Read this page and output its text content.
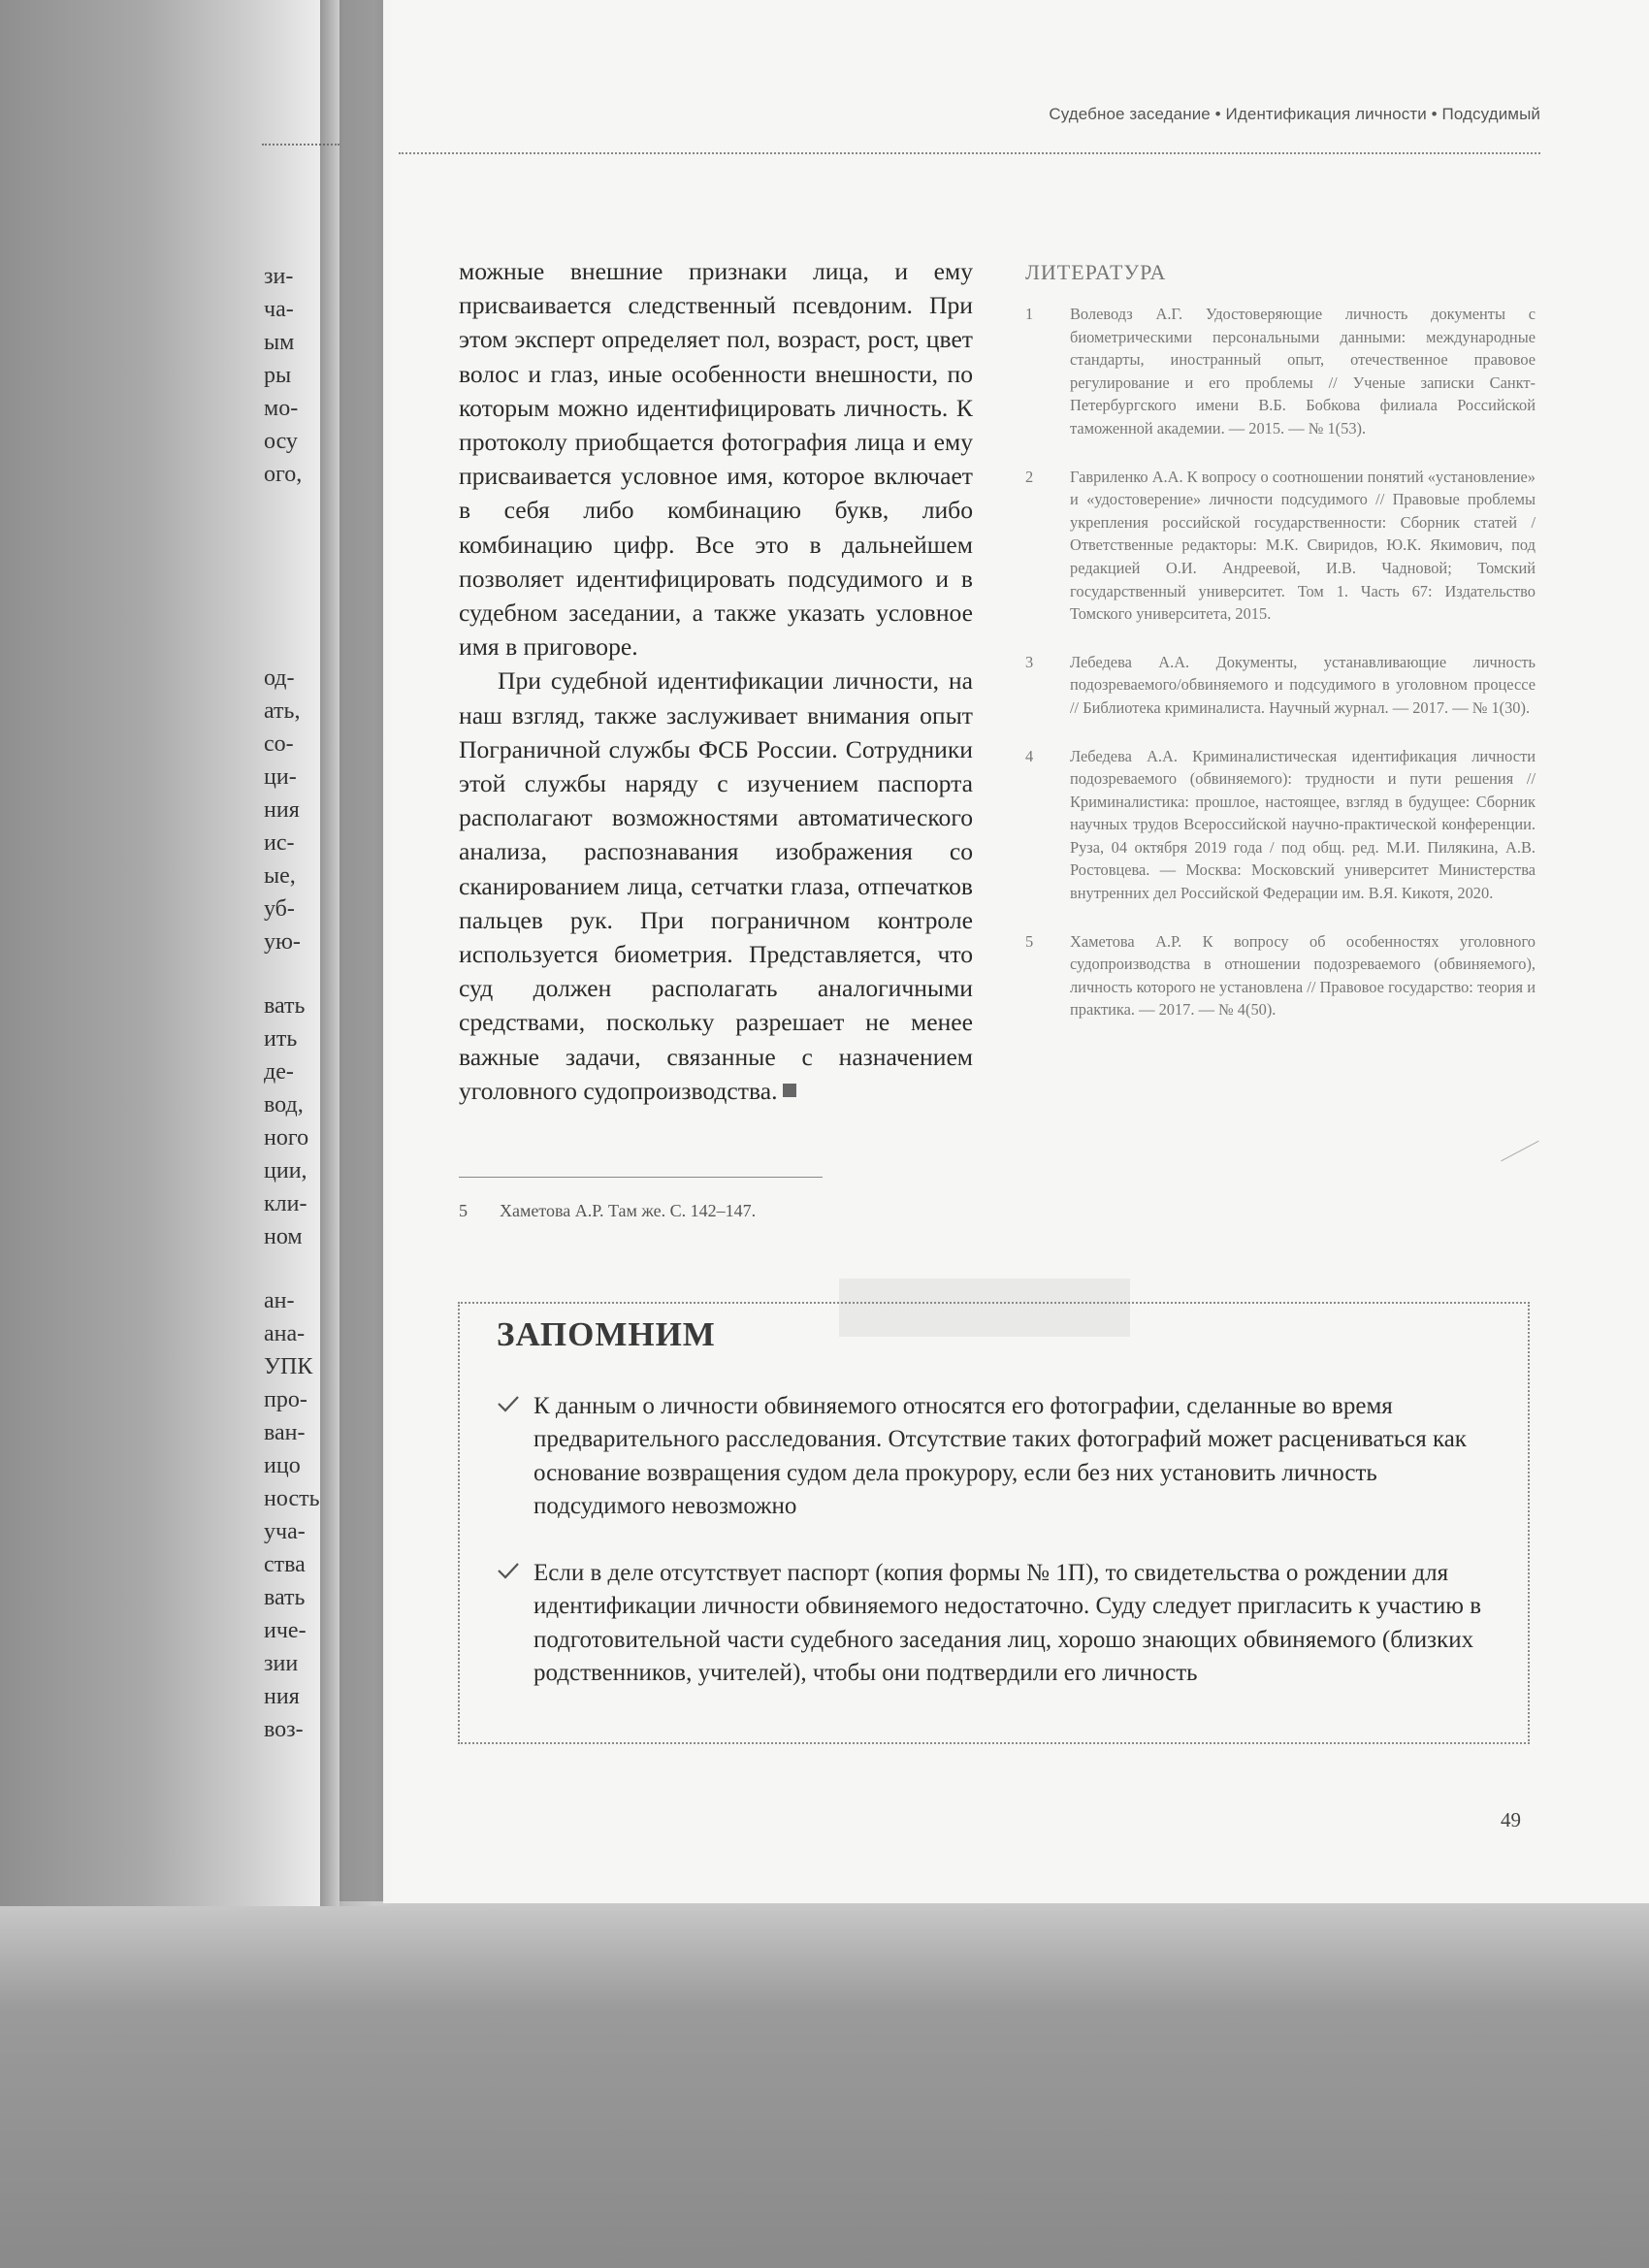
зи-
ча-
ым
ры
мо-
осу
ого,
од-
ать,
со-
ци-
ния
ис-
ые,
уб-
ую-
вать
ить
де-
вод,
ного
ции,
кли-
ном
ан-
ана-
УПК
про-
ван-
ицо
ность
уча-
ства
вать
иче-
зии
ния
воз-
Судебное заседание • Идентификация личности • Подсудимый

можные внешние признаки лица, и ему присваивается следственный псевдоним. При этом эксперт определяет пол, возраст, рост, цвет волос и глаз, иные особенности внешности, по которым можно идентифицировать личность. К протоколу приобщается фотография лица и ему присваивается условное имя, которое включает в себя либо комбинацию букв, либо комбинацию цифр. Все это в дальнейшем позволяет идентифицировать подсудимого и в судебном заседании, а также указать условное имя в приговоре.

При судебной идентификации личности, на наш взгляд, также заслуживает внимания опыт Пограничной службы ФСБ России. Сотрудники этой службы наряду с изучением паспорта располагают возможностями автоматического анализа, распознавания изображения со сканированием лица, сетчатки глаза, отпечатков пальцев рук. При пограничном контроле используется биометрия. Представляется, что суд должен располагать аналогичными средствами, поскольку разрешает не менее важные задачи, связанные с назначением уголовного судопроизводства.

5 Хаметова А.Р. Там же. С. 142–147.
ЛИТЕРАТУРА
1	Волеводз А.Г. Удостоверяющие личность документы с биометрическими персональными данными: международные стандарты, иностранный опыт, отечественное правовое регулирование и его проблемы // Ученые записки Санкт-Петербургского имени В.Б. Бобкова филиала Российской таможенной академии. — 2015. — № 1(53).
2	Гавриленко А.А. К вопросу о соотношении понятий «установление» и «удостоверение» личности подсудимого // Правовые проблемы укрепления российской государственности: Сборник статей / Ответственные редакторы: М.К. Свиридов, Ю.К. Якимович, под редакцией О.И. Андреевой, И.В. Чадновой; Томский государственный университет. Том 1. Часть 67: Издательство Томского университета, 2015.
3	Лебедева А.А. Документы, устанавливающие личность подозреваемого/обвиняемого и подсудимого в уголовном процессе // Библиотека криминалиста. Научный журнал. — 2017. — № 1(30).
4	Лебедева А.А. Криминалистическая идентификация личности подозреваемого (обвиняемого): трудности и пути решения // Криминалистика: прошлое, настоящее, взгляд в будущее: Сборник научных трудов Всероссийской научно-практической конференции. Руза, 04 октября 2019 года / под общ. ред. М.И. Пилякина, А.В. Ростовцева. — Москва: Московский университет Министерства внутренних дел Российской Федерации им. В.Я. Кикотя, 2020.
5	Хаметова А.Р. К вопросу об особенностях уголовного судопроизводства в отношении подозреваемого (обвиняемого), личность которого не установлена // Правовое государство: теория и практика. — 2017. — № 4(50).
ЗАПОМНИМ
К данным о личности обвиняемого относятся его фотографии, сделанные во время предварительного расследования. Отсутствие таких фотографий может расцениваться как основание возвращения судом дела прокурору, если без них установить личность подсудимого невозможно
Если в деле отсутствует паспорт (копия формы № 1П), то свидетельства о рождении для идентификации личности обвиняемого недостаточно. Суду следует пригласить к участию в подготовительной части судебного заседания лиц, хорошо знающих обвиняемого (близких родственников, учителей), чтобы они подтвердили его личность
49
